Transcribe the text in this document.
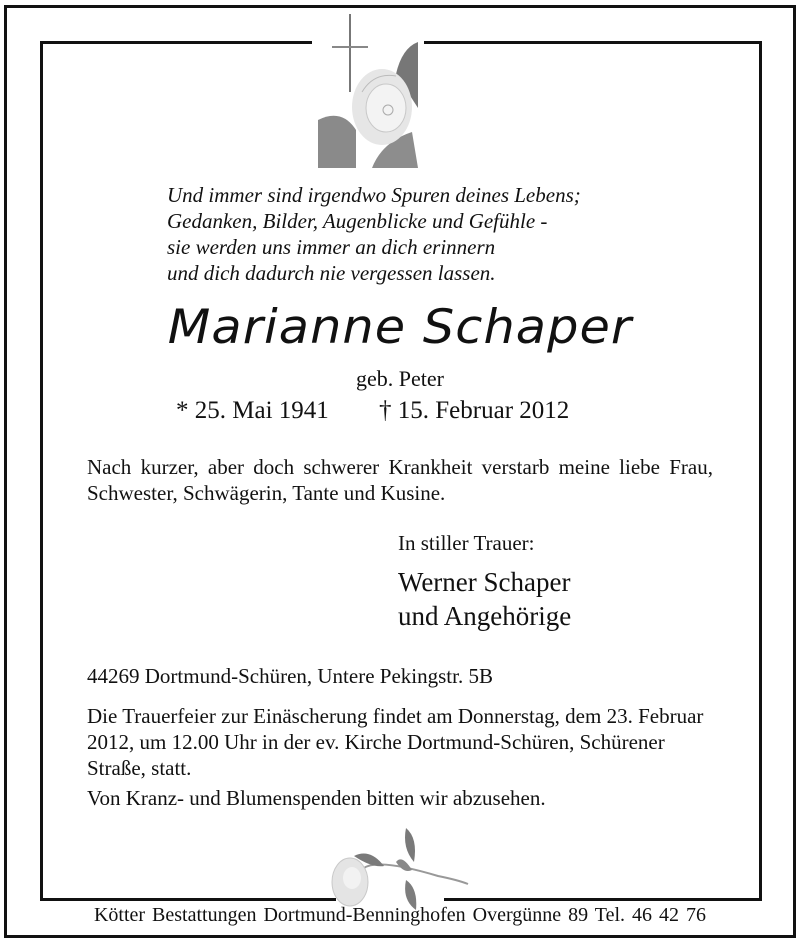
Und immer sind irgendwo Spuren deines Lebens;
Gedanken, Bilder, Augenblicke und Gefühle -
sie werden uns immer an dich erinnern
und dich dadurch nie vergessen lassen.
Marianne Schaper
geb. Peter
* 25. Mai 1941 † 15. Februar 2012
Nach kurzer, aber doch schwerer Krankheit verstarb meine liebe Frau, Schwester, Schwägerin, Tante und Kusine.
In stiller Trauer:
Werner Schaper
und Angehörige
44269 Dortmund-Schüren, Untere Pekingstr. 5B
Die Trauerfeier zur Einäscherung findet am Donnerstag, dem 23. Februar 2012, um 12.00 Uhr in der ev. Kirche Dortmund-Schüren, Schürener Straße, statt.
Von Kranz- und Blumenspenden bitten wir abzusehen.
Kötter Bestattungen Dortmund-Benninghofen Overgünne 89 Tel. 46 42 76
